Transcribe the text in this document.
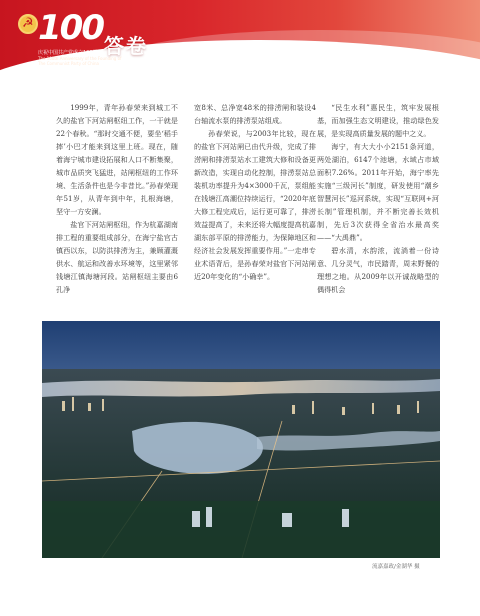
☭
100
庆祝中国共产党成立100周年
The 100th Anniversary of the Founding of The Communist Party of China
答卷

1999年，青年孙春荣来到城工不久的盐官下河站闸枢纽工作，一干就是22个春秋。“那时交通不便，要坐‘稻手摔’小巴才能来到这里上班。现在，随着海宁城市建设拓展和人口不断集聚，城市品质突飞猛进，站闸枢纽的工作环境、生活条件也是今非昔比。”孙春荣现年51岁，从青年到中年，扎根海塘，坚守一方安澜。

盐官下河站闸枢纽，作为杭嘉湖南排工程的重要组成部分，在海宁盐官古镇西以东，以防洪排涝为主，兼顾灌溉供水、航运和改善水环境等，这里紧邻钱塘江镇海塘河段。站闸枢纽主要由6孔净

宽8米、总净宽48米的排涝闸和装设4台轴流水泵的排涝泵站组成。

孙春荣说，与2003年比较，现在的盐官下河站闸已由代升级，完成了排涝闸和排涝泵站水工建筑大修和设备更新改造，实现自动化控制，排涝泵站总装机功率提升为4×3000千瓦，泵组能在钱塘江高潮位持续运行，“2020年底大修工程完成后，运行更可靠了，排涝效益提高了，未来还将大幅度提高杭嘉湖东部平原的排涝能力，为保障地区和经济社会发展发挥重要作用。”一走串专业术语背后，是孙春荣对盐官下河站闸近20年变化的“小确幸”。

“民生水利”惠民生，筑牢发展根基，而加强生态文明建设，推动绿色发展，是实现高质量发展的题中之义。

海宁，有大大小小2151条河道，两处湖泊，6147个池塘，水域占市域面积7.26%。2011年开始，海宁率先实施“三级河长”制度，研发使用“潮乡智慧河长”巡河系统，实现“互联网+河长制”管理机制，并不断完善长效机制，先后3次获得全省治水最高奖——“大禹鼎”。

碧水清，水韵浓，流淌着一份诗意、几分灵气，市民踏青，周末野餐的理想之地。从2009年以开诚战略型的偶得机会

流嘉嘉政/金湖华 摄
